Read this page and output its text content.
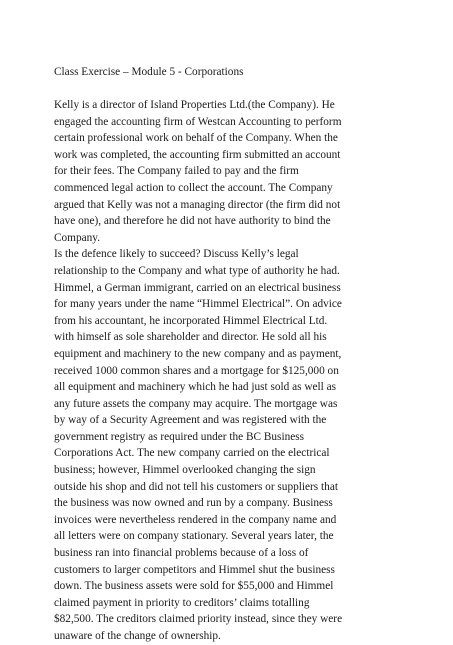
Class Exercise – Module 5 - Corporations
Kelly is a director of Island Properties Ltd.(the Company). He
engaged the accounting firm of Westcan Accounting to perform
certain professional work on behalf of the Company. When the
work was completed, the accounting firm submitted an account
for their fees. The Company failed to pay and the firm
commenced legal action to collect the account. The Company
argued that Kelly was not a managing director (the firm did not
have one), and therefore he did not have authority to bind the
Company.
Is the defence likely to succeed? Discuss Kelly’s legal
relationship to the Company and what type of authority he had.
Himmel, a German immigrant, carried on an electrical business
for many years under the name “Himmel Electrical”. On advice
from his accountant, he incorporated Himmel Electrical Ltd.
with himself as sole shareholder and director. He sold all his
equipment and machinery to the new company and as payment,
received 1000 common shares and a mortgage for $125,000 on
all equipment and machinery which he had just sold as well as
any future assets the company may acquire. The mortgage was
by way of a Security Agreement and was registered with the
government registry as required under the BC Business
Corporations Act. The new company carried on the electrical
business; however, Himmel overlooked changing the sign
outside his shop and did not tell his customers or suppliers that
the business was now owned and run by a company. Business
invoices were nevertheless rendered in the company name and
all letters were on company stationary. Several years later, the
business ran into financial problems because of a loss of
customers to larger competitors and Himmel shut the business
down. The business assets were sold for $55,000 and Himmel
claimed payment in priority to creditors’ claims totalling
$82,500. The creditors claimed priority instead, since they were
unaware of the change of ownership.
